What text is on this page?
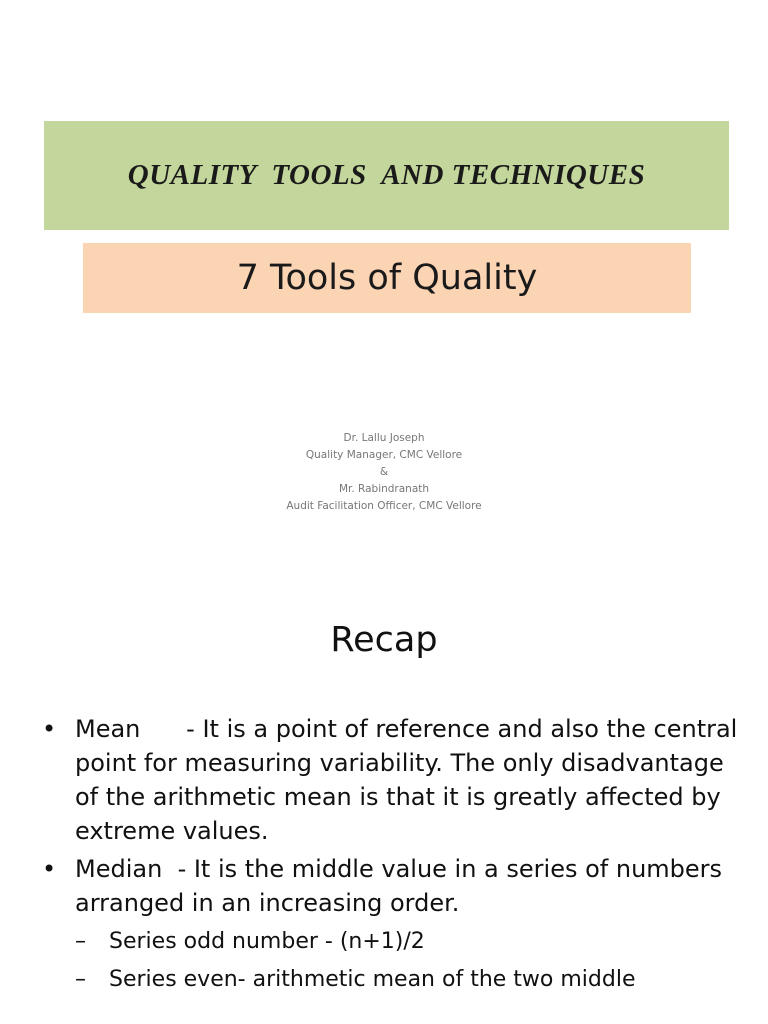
QUALITY  TOOLS  AND TECHNIQUES
7 Tools of Quality
Dr. Lallu Joseph
Quality Manager, CMC Vellore
&
Mr. Rabindranath
Audit Facilitation Officer, CMC Vellore
Recap
• Mean      - It is a point of reference and also the central point for measuring variability. The only disadvantage of the arithmetic mean is that it is greatly affected by extreme values.
• Median  - It is the middle value in a series of numbers arranged in an increasing order.
– Series odd number - (n+1)/2
– Series even- arithmetic mean of the two middle
